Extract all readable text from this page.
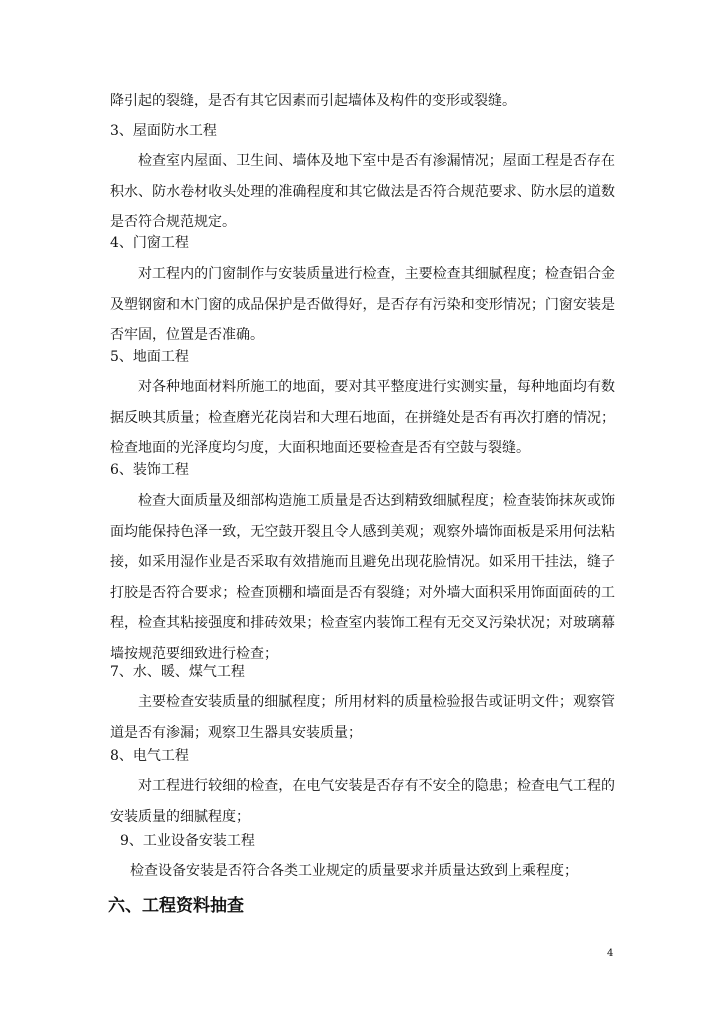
降引起的裂缝，是否有其它因素而引起墙体及构件的变形或裂缝。
3、屋面防水工程

检查室内屋面、卫生间、墙体及地下室中是否有渗漏情况；屋面工程是否存在积水、防水卷材收头处理的准确程度和其它做法是否符合规范要求、防水层的道数是否符合规范规定。

4、门窗工程

对工程内的门窗制作与安装质量进行检查，主要检查其细腻程度；检查铝合金及塑钢窗和木门窗的成品保护是否做得好，是否存有污染和变形情况；门窗安装是否牢固，位置是否准确。

5、地面工程

对各种地面材料所施工的地面，要对其平整度进行实测实量，每种地面均有数据反映其质量；检查磨光花岗岩和大理石地面，在拼缝处是否有再次打磨的情况；检查地面的光泽度均匀度，大面积地面还要检查是否有空鼓与裂缝。

6、装饰工程

检查大面质量及细部构造施工质量是否达到精致细腻程度；检查装饰抹灰或饰面均能保持色泽一致，无空鼓开裂且令人感到美观；观察外墙饰面板是采用何法粘接，如采用湿作业是否采取有效措施而且避免出现花脸情况。如采用干挂法，缝子打胶是否符合要求；检查顶棚和墙面是否有裂缝；对外墙大面积采用饰面面砖的工程，检查其粘接强度和排砖效果；检查室内装饰工程有无交叉污染状况；对玻璃幕墙按规范要细致进行检查；

7、水、暖、煤气工程

主要检查安装质量的细腻程度；所用材料的质量检验报告或证明文件；观察管道是否有渗漏；观察卫生器具安装质量；

8、电气工程

对工程进行较细的检查，在电气安装是否存有不安全的隐患；检查电气工程的安装质量的细腻程度；

9、工业设备安装工程

检查设备安装是否符合各类工业规定的质量要求并质量达致到上乘程度；

六、工程资料抽查
4
